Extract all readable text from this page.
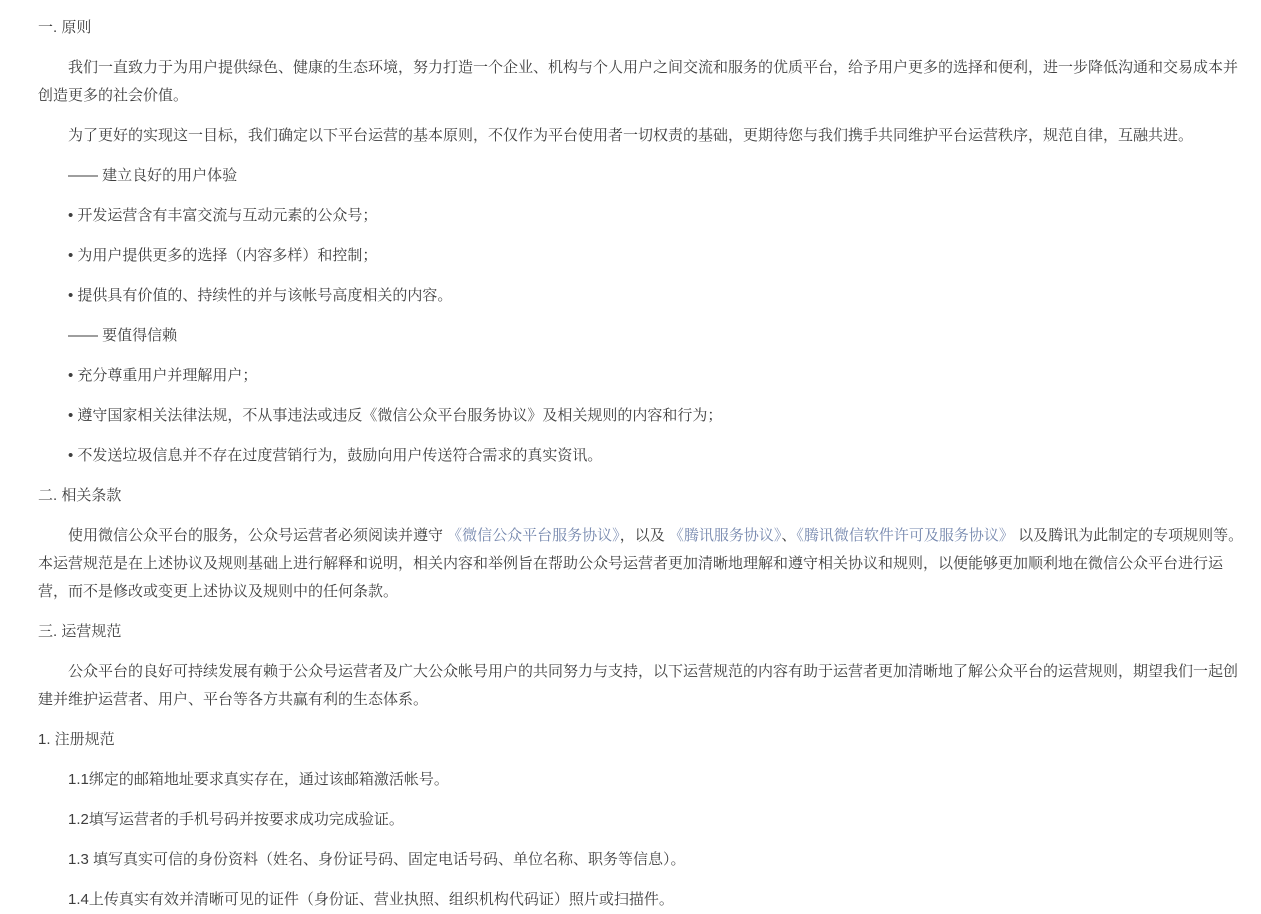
一. 原则

我们一直致力于为用户提供绿色、健康的生态环境，努力打造一个企业、机构与个人用户之间交流和服务的优质平台，给予用户更多的选择和便利，进一步降低沟通和交易成本并创造更多的社会价值。

为了更好的实现这一目标，我们确定以下平台运营的基本原则，不仅作为平台使用者一切权责的基础，更期待您与我们携手共同维护平台运营秩序，规范自律，互融共进。

—— 建立良好的用户体验

• 开发运营含有丰富交流与互动元素的公众号；

• 为用户提供更多的选择（内容多样）和控制；

• 提供具有价值的、持续性的并与该帐号高度相关的内容。

—— 要值得信赖

• 充分尊重用户并理解用户；

• 遵守国家相关法律法规，不从事违法或违反《微信公众平台服务协议》及相关规则的内容和行为；

• 不发送垃圾信息并不存在过度营销行为，鼓励向用户传送符合需求的真实资讯。

二. 相关条款

使用微信公众平台的服务，公众号运营者必须阅读并遵守 《微信公众平台服务协议》，以及 《腾讯服务协议》、《腾讯微信软件许可及服务协议》 以及腾讯为此制定的专项规则等。本运营规范是在上述协议及规则基础上进行解释和说明，相关内容和举例旨在帮助公众号运营者更加清晰地理解和遵守相关协议和规则，以便能够更加顺利地在微信公众平台进行运营，而不是修改或变更上述协议及规则中的任何条款。

三. 运营规范

公众平台的良好可持续发展有赖于公众号运营者及广大公众帐号用户的共同努力与支持，以下运营规范的内容有助于运营者更加清晰地了解公众平台的运营规则，期望我们一起创建并维护运营者、用户、平台等各方共赢有利的生态体系。

1. 注册规范

1.1绑定的邮箱地址要求真实存在，通过该邮箱激活帐号。

1.2填写运营者的手机号码并按要求成功完成验证。

1.3 填写真实可信的身份资料（姓名、身份证号码、固定电话号码、单位名称、职务等信息）。

1.4上传真实有效并清晰可见的证件（身份证、营业执照、组织机构代码证）照片或扫描件。
